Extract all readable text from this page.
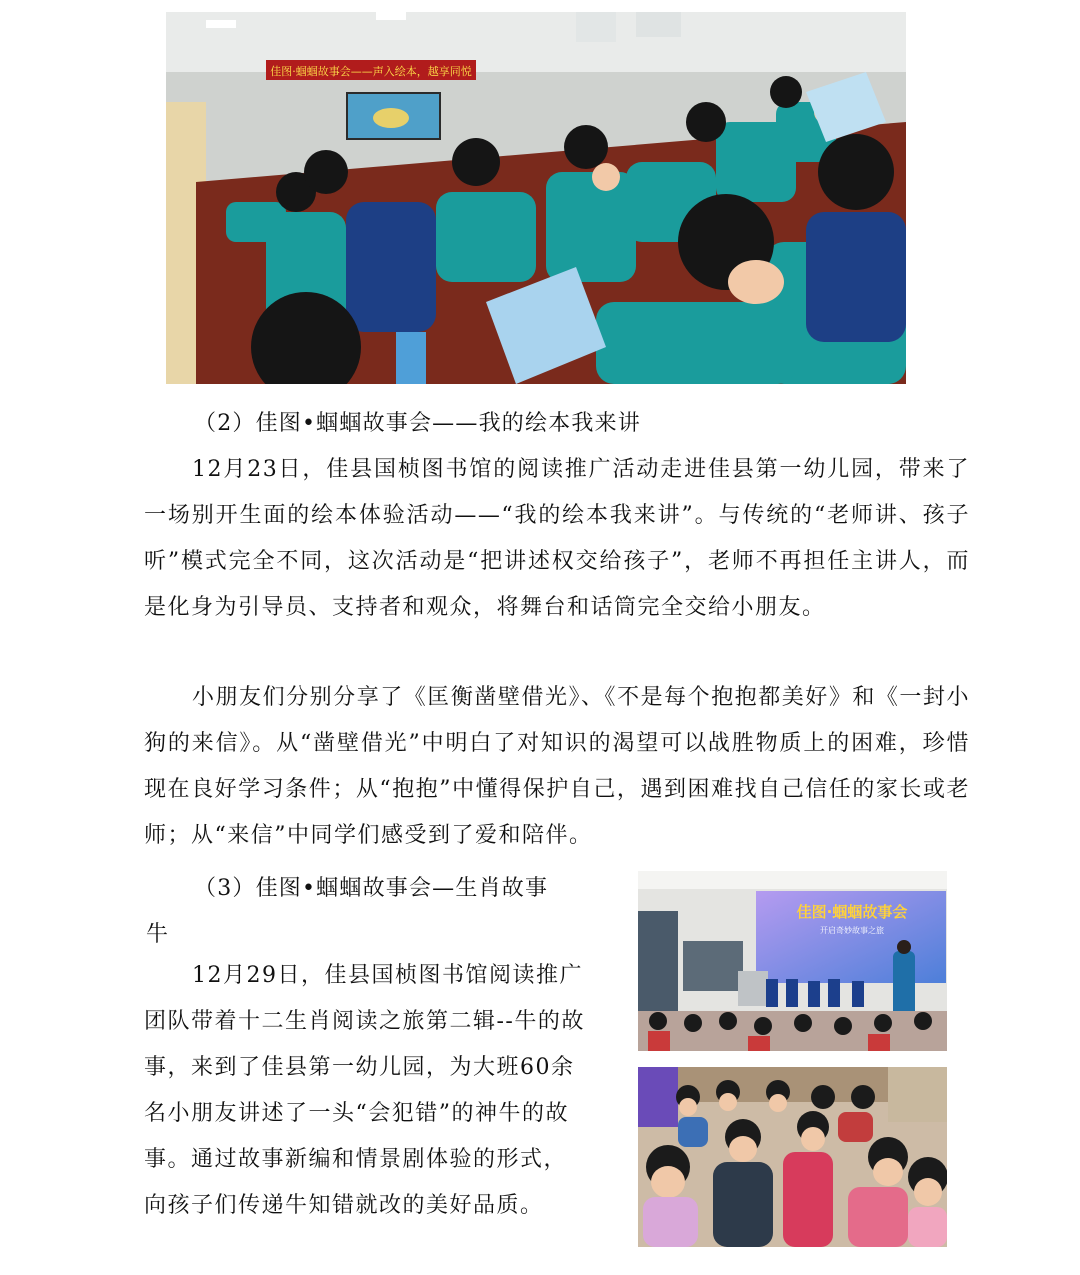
佳图·蝈蝈故事会——声入绘本，越享同悦
（2）佳图•蝈蝈故事会——我的绘本我来讲

12月23日，佳县国桢图书馆的阅读推广活动走进佳县第一幼儿园，带来了一场别开生面的绘本体验活动——“我的绘本我来讲”。与传统的“老师讲、孩子听”模式完全不同，这次活动是“把讲述权交给孩子”，老师不再担任主讲人，而是化身为引导员、支持者和观众，将舞台和话筒完全交给小朋友。

小朋友们分别分享了《匡衡凿壁借光》、《不是每个抱抱都美好》和《一封小狗的来信》。从“凿壁借光”中明白了对知识的渴望可以战胜物质上的困难，珍惜现在良好学习条件；从“抱抱”中懂得保护自己，遇到困难找自己信任的家长或老师；从“来信”中同学们感受到了爱和陪伴。

（3）佳图•蝈蝈故事会—生肖故事
牛

12月29日，佳县国桢图书馆阅读推广团队带着十二生肖阅读之旅第二辑--牛的故事，来到了佳县第一幼儿园，为大班60余名小朋友讲述了一头“会犯错”的神牛的故事。通过故事新编和情景剧体验的形式，向孩子们传递牛知错就改的美好品质。

佳图·蝈蝈故事会
开启奇妙故事之旅
